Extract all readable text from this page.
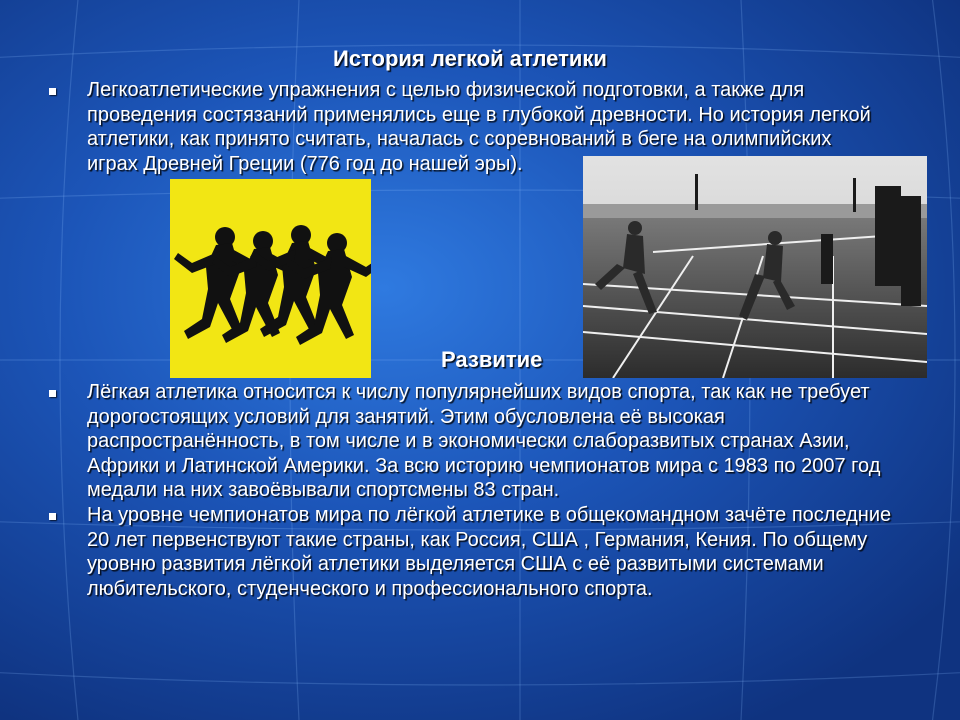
История легкой атлетики
Легкоатлетические упражнения с целью физической подготовки, а также для
проведения состязаний применялись еще в глубокой древности. Но история легкой
атлетики, как принято считать, началась с соревнований в беге на олимпийских
играх Древней Греции (776 год до нашей эры).
Развитие
Лёгкая атлетика относится к числу популярнейших видов спорта, так как не требует
дорогостоящих условий для занятий. Этим обусловлена её высокая
распространённость, в том числе и в экономически слаборазвитых странах Азии,
Африки и Латинской Америки. За всю историю чемпионатов мира с 1983 по 2007 год
медали на них завоёвывали спортсмены 83 стран.
На уровне чемпионатов мира по лёгкой атлетике в общекомандном зачёте последние
20 лет первенствуют такие страны, как Россия, США , Германия, Кения. По общему
уровню развития лёгкой атлетики выделяется США с её развитыми системами
любительского, студенческого и профессионального спорта.
